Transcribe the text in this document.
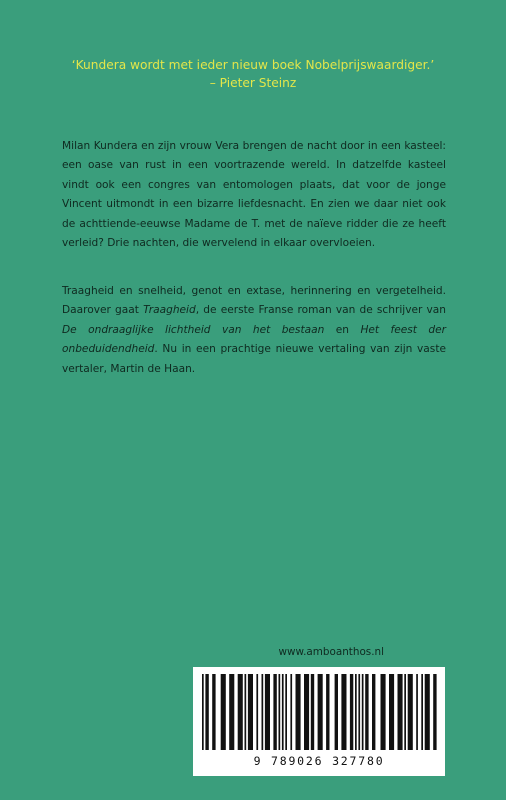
‘Kundera wordt met ieder nieuw boek Nobelprijswaardiger.’
– Pieter Steinz

Milan Kundera en zijn vrouw Vera brengen de nacht door in een kasteel: een oase van rust in een voortrazende wereld. In datzelfde kasteel vindt ook een congres van entomologen plaats, dat voor de jonge Vincent uitmondt in een bizarre liefdesnacht. En zien we daar niet ook de achttiende-eeuwse Madame de T. met de naïeve ridder die ze heeft verleid? Drie nachten, die wervelend in elkaar overvloeien.

Traagheid en snelheid, genot en extase, herinnering en vergetelheid. Daarover gaat Traagheid, de eerste Franse roman van de schrijver van De ondraaglijke lichtheid van het bestaan en Het feest der onbeduidendheid. Nu in een prachtige nieuwe vertaling van zijn vaste vertaler, Martin de Haan.

www.amboanthos.nl
9 789026 327780
